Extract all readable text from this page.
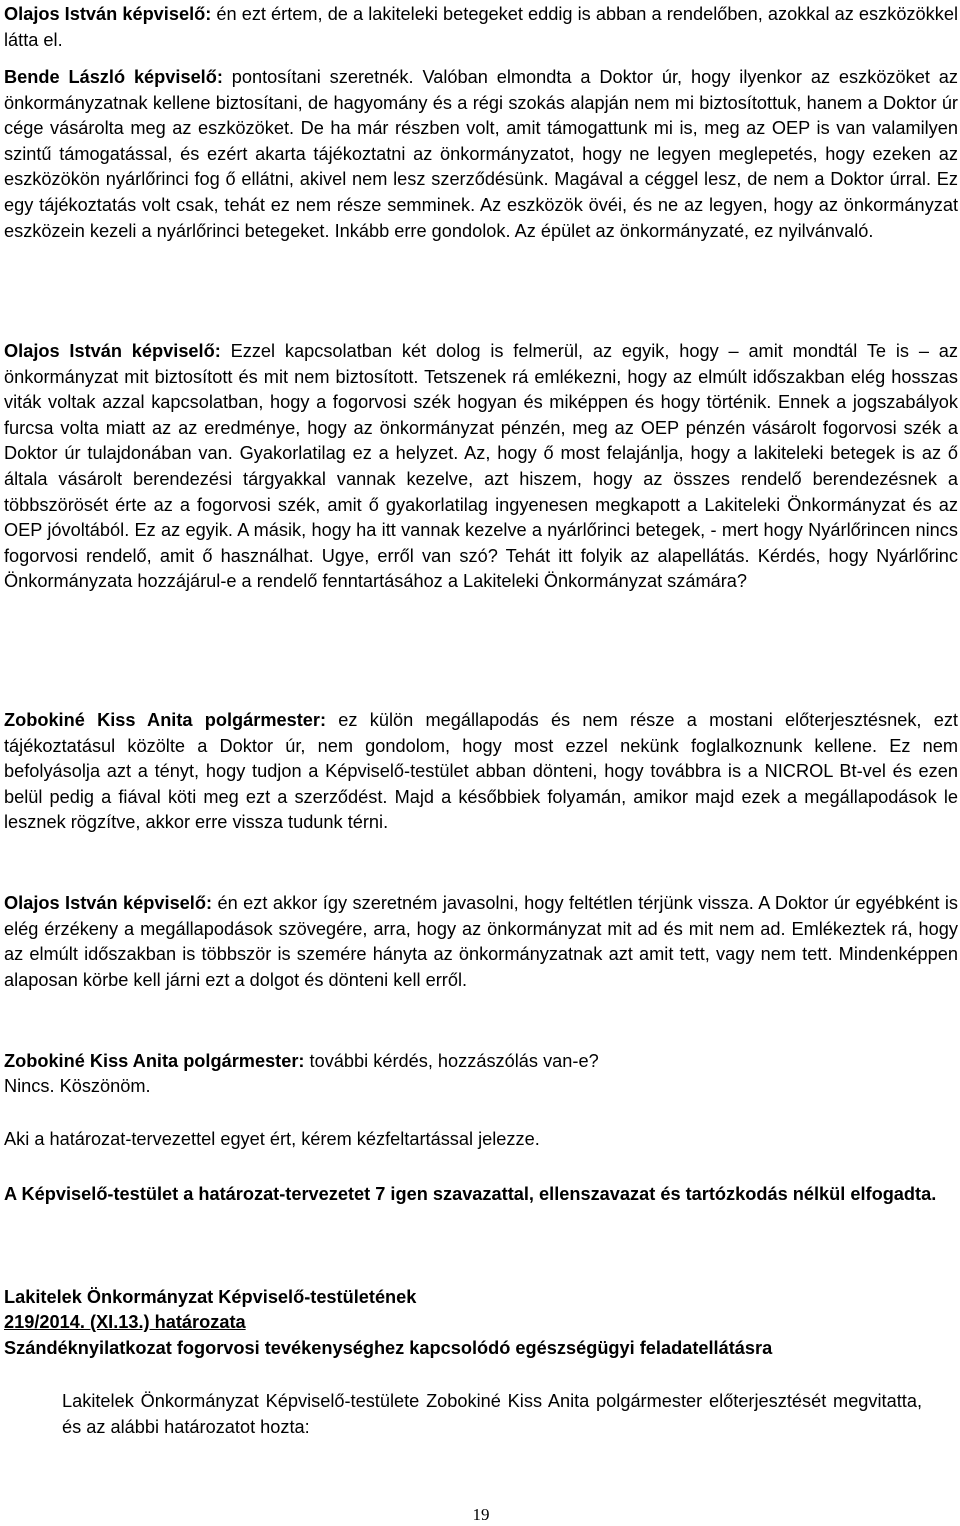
Olajos István képviselő: én ezt értem, de a lakiteleki betegeket eddig is abban a rendelőben, azokkal az eszközökkel látta el.
Bende László képviselő: pontosítani szeretnék. Valóban elmondta a Doktor úr, hogy ilyenkor az eszközöket az önkormányzatnak kellene biztosítani, de hagyomány és a régi szokás alapján nem mi biztosítottuk, hanem a Doktor úr cége vásárolta meg az eszközöket. De ha már részben volt, amit támogattunk mi is, meg az OEP is van valamilyen szintű támogatással, és ezért akarta tájékoztatni az önkormányzatot, hogy ne legyen meglepetés, hogy ezeken az eszközökön nyárlőrinci fog ő ellátni, akivel nem lesz szerződésünk. Magával a céggel lesz, de nem a Doktor úrral. Ez egy tájékoztatás volt csak, tehát ez nem része semminek. Az eszközök övéi, és ne az legyen, hogy az önkormányzat eszközein kezeli a nyárlőrinci betegeket. Inkább erre gondolok. Az épület az önkormányzaté, ez nyilvánvaló.
Olajos István képviselő: Ezzel kapcsolatban két dolog is felmerül, az egyik, hogy – amit mondtál Te is – az önkormányzat mit biztosított és mit nem biztosított. Tetszenek rá emlékezni, hogy az elmúlt időszakban elég hosszas viták voltak azzal kapcsolatban, hogy a fogorvosi szék hogyan és miképpen és hogy történik. Ennek a jogszabályok furcsa volta miatt az az eredménye, hogy az önkormányzat pénzén, meg az OEP pénzén vásárolt fogorvosi szék a Doktor úr tulajdonában van. Gyakorlatilag ez a helyzet. Az, hogy ő most felajánlja, hogy a lakiteleki betegek is az ő általa vásárolt berendezési tárgyakkal vannak kezelve, azt hiszem, hogy az összes rendelő berendezésnek a többszörösét érte az a fogorvosi szék, amit ő gyakorlatilag ingyenesen megkapott a Lakiteleki Önkormányzat és az OEP jóvoltából. Ez az egyik. A másik, hogy ha itt vannak kezelve a nyárlőrinci betegek, - mert hogy Nyárlőrincen nincs fogorvosi rendelő, amit ő használhat. Ugye, erről van szó? Tehát itt folyik az alapellátás. Kérdés, hogy Nyárlőrinc Önkormányzata hozzájárul-e a rendelő fenntartásához a Lakiteleki Önkormányzat számára?
Zobokiné Kiss Anita polgármester: ez külön megállapodás és nem része a mostani előterjesztésnek, ezt tájékoztatásul közölte a Doktor úr, nem gondolom, hogy most ezzel nekünk foglalkoznunk kellene. Ez nem befolyásolja azt a tényt, hogy tudjon a Képviselő-testület abban dönteni, hogy továbbra is a NICROL Bt-vel és ezen belül pedig a fiával köti meg ezt a szerződést. Majd a későbbiek folyamán, amikor majd ezek a megállapodások le lesznek rögzítve, akkor erre vissza tudunk térni.
Olajos István képviselő: én ezt akkor így szeretném javasolni, hogy feltétlen térjünk vissza. A Doktor úr egyébként is elég érzékeny a megállapodások szövegére, arra, hogy az önkormányzat mit ad és mit nem ad. Emlékeztek rá, hogy az elmúlt időszakban is többször is szemére hányta az önkormányzatnak azt amit tett, vagy nem tett. Mindenképpen alaposan körbe kell járni ezt a dolgot és dönteni kell erről.
Zobokiné Kiss Anita polgármester: további kérdés, hozzászólás van-e?
Nincs. Köszönöm.
Aki a határozat-tervezettel egyet ért, kérem kézfeltartással jelezze.
A Képviselő-testület a határozat-tervezetet 7 igen szavazattal, ellenszavazat és tartózkodás nélkül elfogadta.
Lakitelek Önkormányzat Képviselő-testületének
219/2014. (XI.13.) határozata
Szándéknyilatkozat fogorvosi tevékenységhez kapcsolódó egészségügyi feladatellátásra
Lakitelek Önkormányzat Képviselő-testülete Zobokiné Kiss Anita polgármester előterjesztését megvitatta, és az alábbi határozatot hozta:
19
